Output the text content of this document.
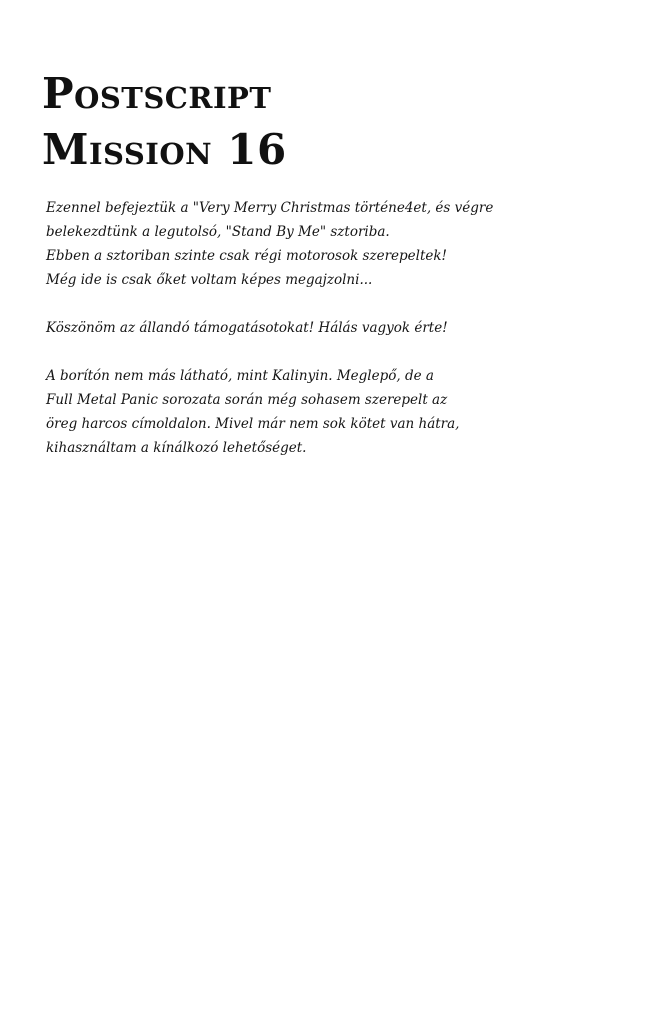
Postscript
Mission 16

Ezennel befejeztük a "Very Merry Christmas történe4et, és végre
belekezdtünk a legutolsó, "Stand By Me" sztoriba.
Ebben a sztoriban szinte csak régi motorosok szerepeltek!
Még ide is csak őket voltam képes megajzolni...

Köszönöm az állandó támogatásotokat! Hálás vagyok érte!

A borítón nem más látható, mint Kalinyin. Meglepő, de a
Full Metal Panic sorozata során még sohasem szerepelt az
öreg harcos címoldalon. Mivel már nem sok kötet van hátra,
kihasználtam a kínálkozó lehetőséget.
